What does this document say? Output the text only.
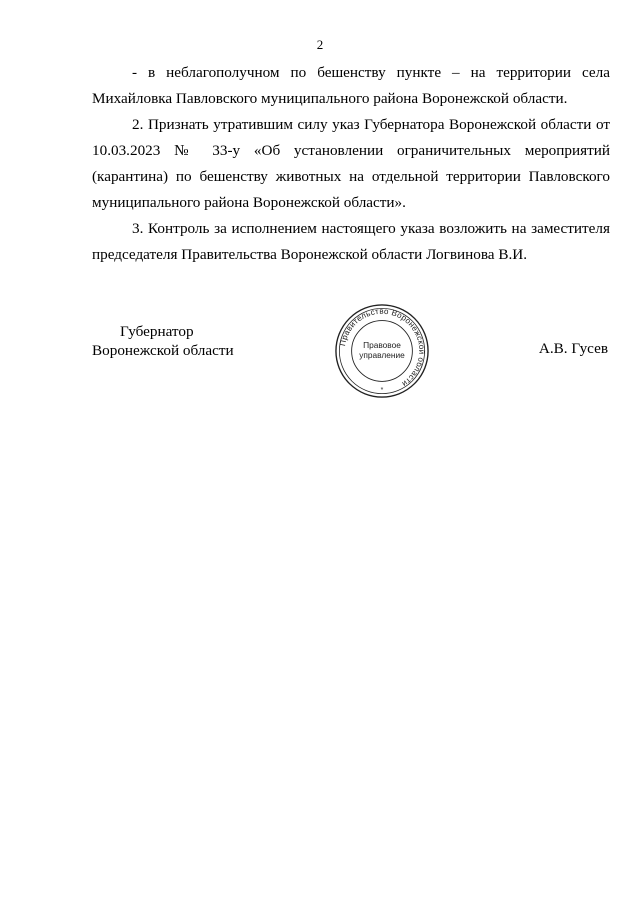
2

- в неблагополучном по бешенству пункте – на территории села Михайловка Павловского муниципального района Воронежской области.

2. Признать утратившим силу указ Губернатора Воронежской области от 10.03.2023 № 33-у «Об установлении ограничительных мероприятий (карантина) по бешенству животных на отдельной территории Павловского муниципального района Воронежской области».

3. Контроль за исполнением настоящего указа возложить на заместителя председателя Правительства Воронежской области Логвинова В.И.

Губернатор
Воронежской области	Правительство Воронежской области
Правовое
управление
*
А.В. Гусев
